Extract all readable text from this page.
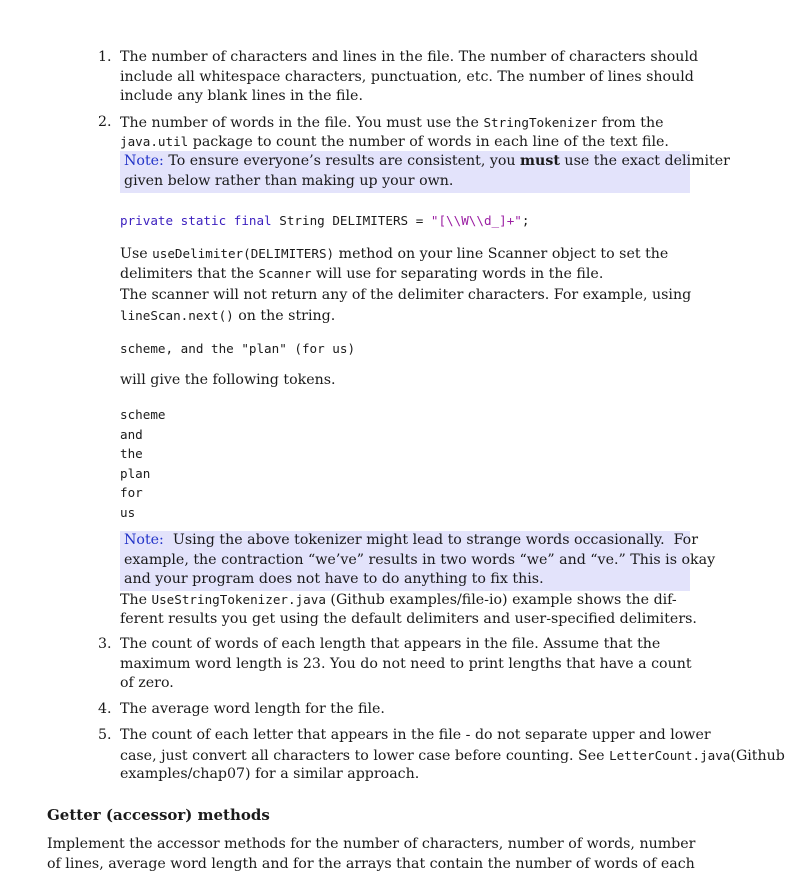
1. The number of characters and lines in the file. The number of characters should
include all whitespace characters, punctuation, etc. The number of lines should
include any blank lines in the file.
2. The number of words in the file. You must use the StringTokenizer from the
java.util package to count the number of words in each line of the text file.
Note: To ensure everyone’s results are consistent, you must use the exact delimiter
given below rather than making up your own.
private static final String DELIMITERS = "[\\W\\d_]+";
Use useDelimiter(DELIMITERS) method on your line Scanner object to set the
delimiters that the Scanner will use for separating words in the file.
The scanner will not return any of the delimiter characters. For example, using
lineScan.next() on the string.
scheme, and the "plan" (for us)
will give the following tokens.
scheme
and
the
plan
for
us
Note:  Using the above tokenizer might lead to strange words occasionally.  For
example, the contraction “we’ve” results in two words “we” and “ve.” This is okay
and your program does not have to do anything to fix this.
The UseStringTokenizer.java (Github examples/file-io) example shows the dif-
ferent results you get using the default delimiters and user-specified delimiters.
3. The count of words of each length that appears in the file. Assume that the
maximum word length is 23. You do not need to print lengths that have a count
of zero.
4. The average word length for the file.
5. The count of each letter that appears in the file - do not separate upper and lower
case, just convert all characters to lower case before counting. See LetterCount.java(Github
examples/chap07) for a similar approach.
Getter (accessor) methods
Implement the accessor methods for the number of characters, number of words, number
of lines, average word length and for the arrays that contain the number of words of each
